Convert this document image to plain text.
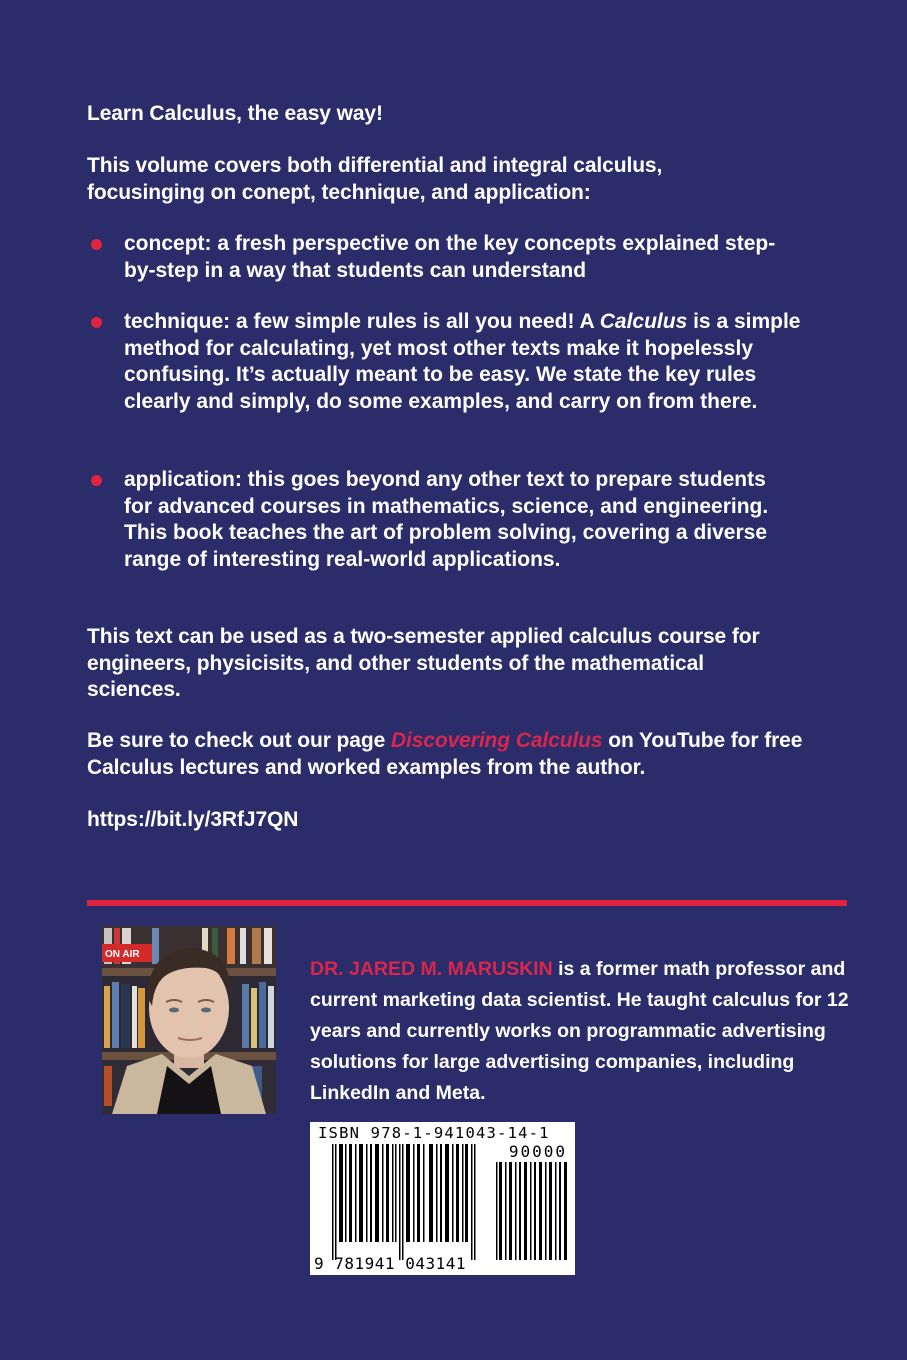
Learn Calculus, the easy way!

This volume covers both differential and integral calculus, focusinging on conept, technique, and application:

concept: a fresh perspective on the key concepts explained step-by-step in a way that students can understand
technique: a few simple rules is all you need! A Calculus is a simple method for calculating, yet most other texts make it hopelessly confusing. It’s actually meant to be easy. We state the key rules clearly and simply, do some examples, and carry on from there.
application: this goes beyond any other text to prepare students for advanced courses in mathematics, science, and engineering. This book teaches the art of problem solving, covering a diverse range of interesting real-world applications.

This text can be used as a two-semester applied calculus course for engineers, physicisits, and other students of the mathematical sciences.

Be sure to check out our page Discovering Calculus on YouTube for free Calculus lectures and worked examples from the author.

https://bit.ly/3RfJ7QN

ON AIR

DR. JARED M. MARUSKIN is a former math professor and current marketing data scientist. He taught calculus for 12 years and currently works on programmatic advertising solutions for large advertising companies, including LinkedIn and Meta.

ISBN 978-1-941043-14-1
90000
9 781941 043141
